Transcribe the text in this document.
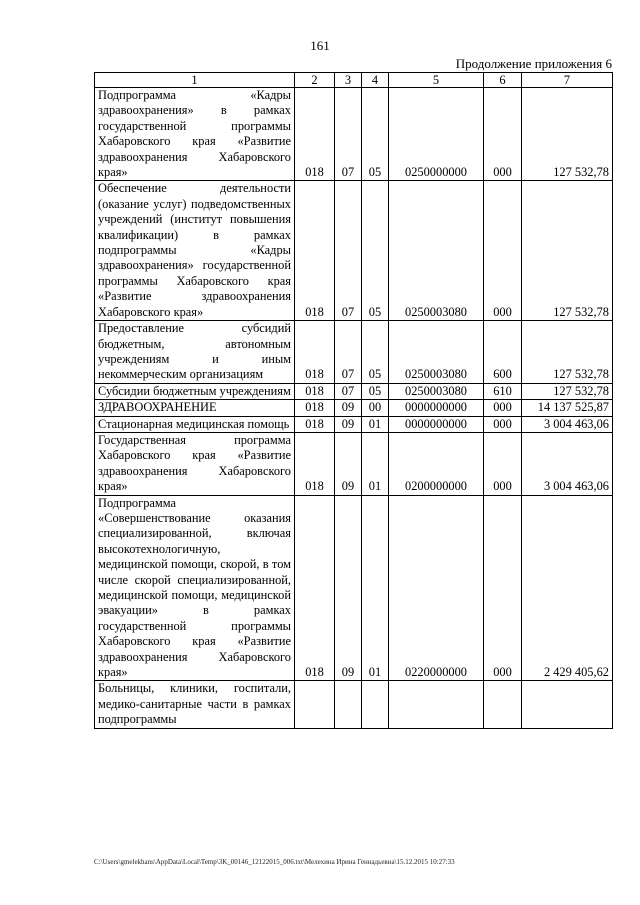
161
Продолжение приложения 6
1	2	3	4	5	6	7
Подпрограмма «Кадры здравоохранения» в рамках государственной программы Хабаровского края «Развитие здравоохранения Хабаровского края»	018	07	05	0250000000	000	127 532,78
Обеспечение деятельности (оказание услуг) подведомственных учреждений (институт повышения квалификации) в рамках подпрограммы «Кадры здравоохранения» государственной программы Хабаровского края «Развитие здравоохранения Хабаровского края»	018	07	05	0250003080	000	127 532,78
Предоставление субсидий бюджетным, автономным учреждениям и иным некоммерческим организациям	018	07	05	0250003080	600	127 532,78
Субсидии бюджетным учреждениям	018	07	05	0250003080	610	127 532,78
ЗДРАВООХРАНЕНИЕ	018	09	00	0000000000	000	14 137 525,87
Стационарная медицинская помощь	018	09	01	0000000000	000	3 004 463,06
Государственная программа Хабаровского края «Развитие здравоохранения Хабаровского края»	018	09	01	0200000000	000	3 004 463,06
Подпрограмма «Совершенствование оказания специализированной, включая высокотехнологичную, медицинской помощи, скорой, в том числе скорой специализированной, медицинской помощи, медицинской эвакуации» в рамках государственной программы Хабаровского края «Развитие здравоохранения Хабаровского края»	018	09	01	0220000000	000	2 429 405,62
Больницы, клиники, госпитали, медико-санитарные части в рамках подпрограммы						
C:\Users\gmelekhans\AppData\Local\Temp\3K_00146_12122015_006.txt\Мелехина Ирина Геннадьевна\15.12.2015 10:27:33
